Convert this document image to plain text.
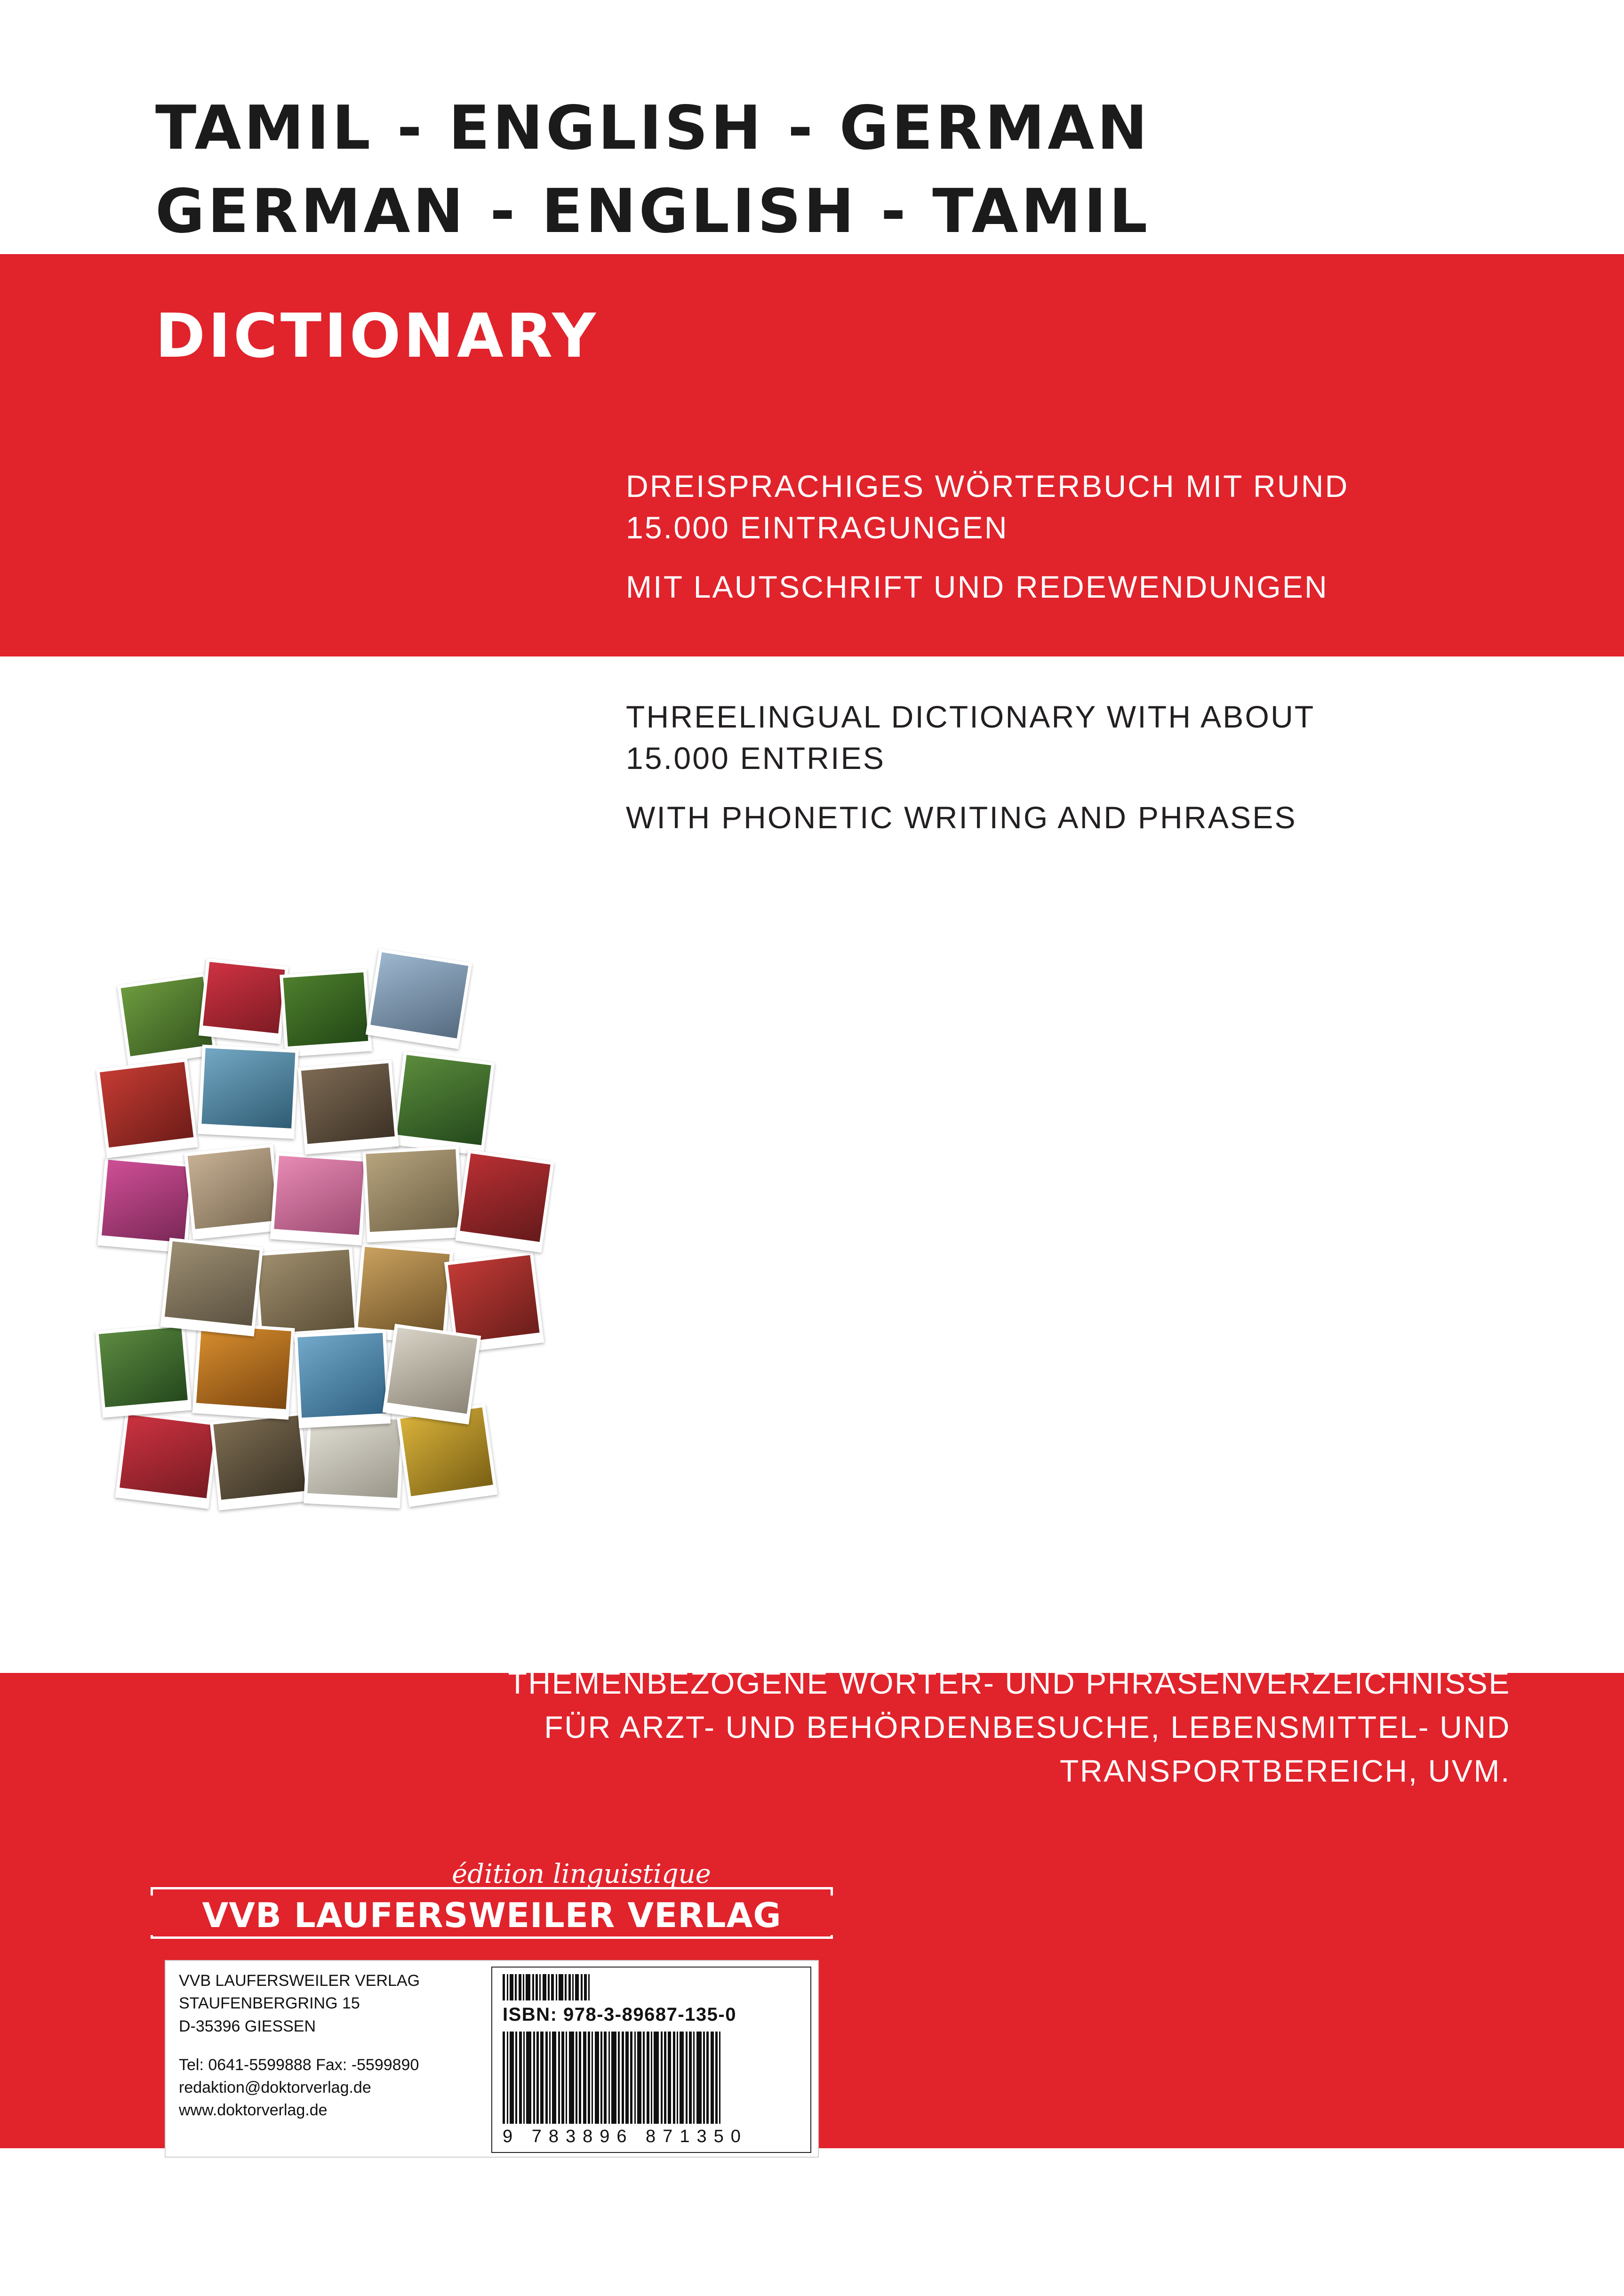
TAMIL - ENGLISH - GERMAN
GERMAN - ENGLISH - TAMIL
DICTIONARY
DREISPRACHIGES WÖRTERBUCH MIT RUND
15.000 EINTRAGUNGEN
MIT LAUTSCHRIFT UND REDEWENDUNGEN
THREELINGUAL DICTIONARY WITH ABOUT
15.000 ENTRIES
WITH PHONETIC WRITING AND PHRASES
THEMENBEZOGENE WÖRTER- UND PHRASENVERZEICHNISSE
FÜR ARZT- UND BEHÖRDENBESUCHE, LEBENSMITTEL- UND
TRANSPORTBEREICH, UVM.
édition linguistique
VVB LAUFERSWEILER VERLAG
VVB LAUFERSWEILER VERLAG
STAUFENBERGRING 15
D-35396 GIESSEN
Tel: 0641-5599888 Fax: -5599890
redaktion@doktorverlag.de
www.doktorverlag.de
ISBN: 978-3-89687-135-0
9 783896 871350
